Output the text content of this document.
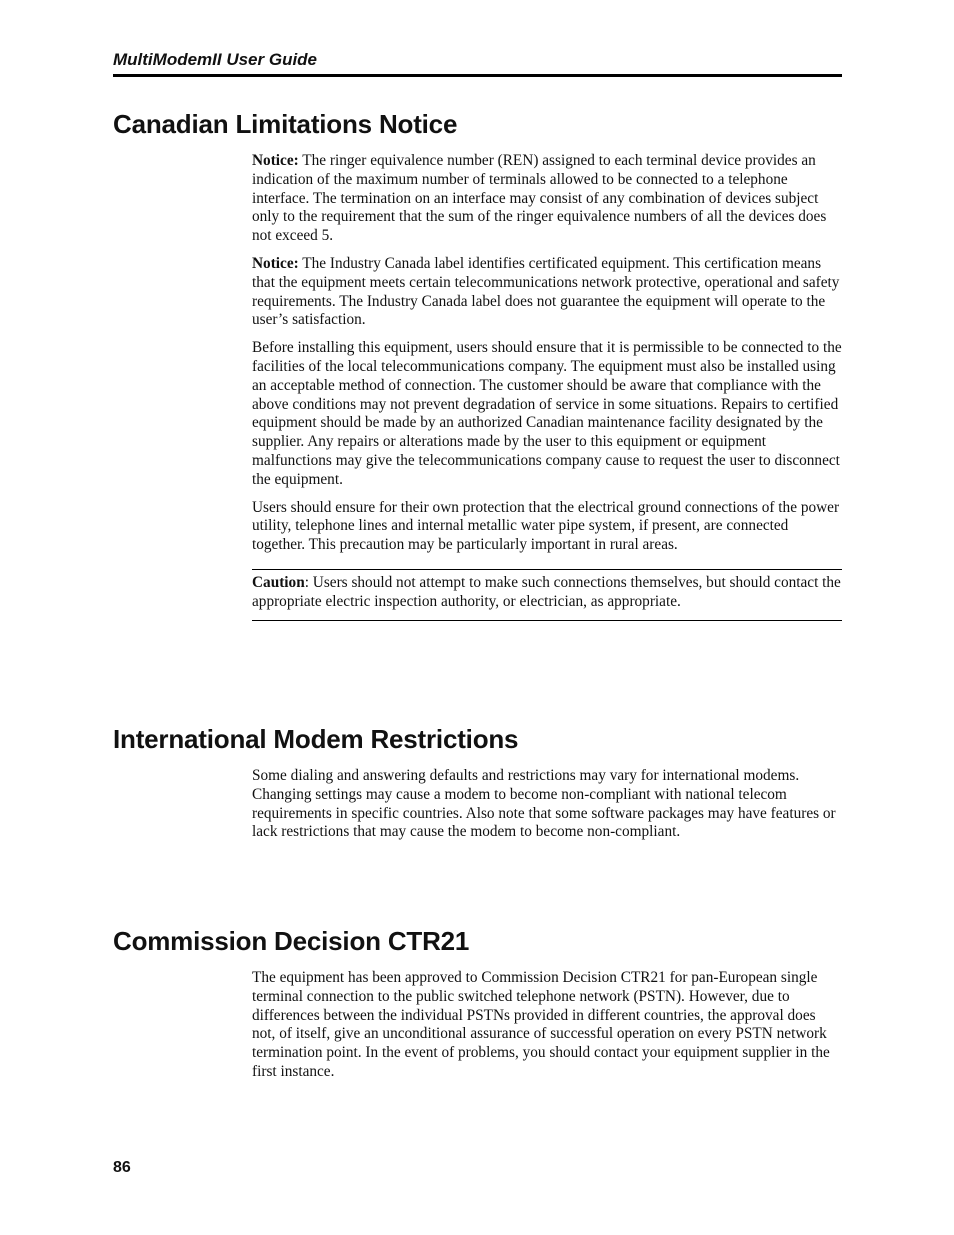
MultiModemII User Guide
Canadian Limitations Notice

Notice: The ringer equivalence number (REN) assigned to each terminal device provides an indication of the maximum number of terminals allowed to be connected to a telephone interface. The termination on an interface may consist of any combination of devices subject only to the requirement that the sum of the ringer equivalence numbers of all the devices does not exceed 5.

Notice: The Industry Canada label identifies certificated equipment. This certification means that the equipment meets certain telecommunications network protective, operational and safety requirements. The Industry Canada label does not guarantee the equipment will operate to the user’s satisfaction.

Before installing this equipment, users should ensure that it is permissible to be connected to the facilities of the local telecommunications company. The equipment must also be installed using an acceptable method of connection. The customer should be aware that compliance with the above conditions may not prevent degradation of service in some situations. Repairs to certified equipment should be made by an authorized Canadian maintenance facility designated by the supplier. Any repairs or alterations made by the user to this equipment or equipment malfunctions may give the telecommunications company cause to request the user to disconnect the equipment.

Users should ensure for their own protection that the electrical ground connections of the power utility, telephone lines and internal metallic water pipe system, if present, are connected together. This precaution may be particularly important in rural areas.

Caution: Users should not attempt to make such connections themselves, but should contact the appropriate electric inspection authority, or electrician, as appropriate.

International Modem Restrictions

Some dialing and answering defaults and restrictions may vary for international modems. Changing settings may cause a modem to become non-compliant with national telecom requirements in specific countries. Also note that some software packages may have features or lack restrictions that may cause the modem to become non-compliant.

Commission Decision CTR21

The equipment has been approved to Commission Decision CTR21 for pan-European single terminal connection to the public switched telephone network (PSTN). However, due to differences between the individual PSTNs provided in different countries, the approval does not, of itself, give an unconditional assurance of successful operation on every PSTN network termination point. In the event of problems, you should contact your equipment supplier in the first instance.

86
